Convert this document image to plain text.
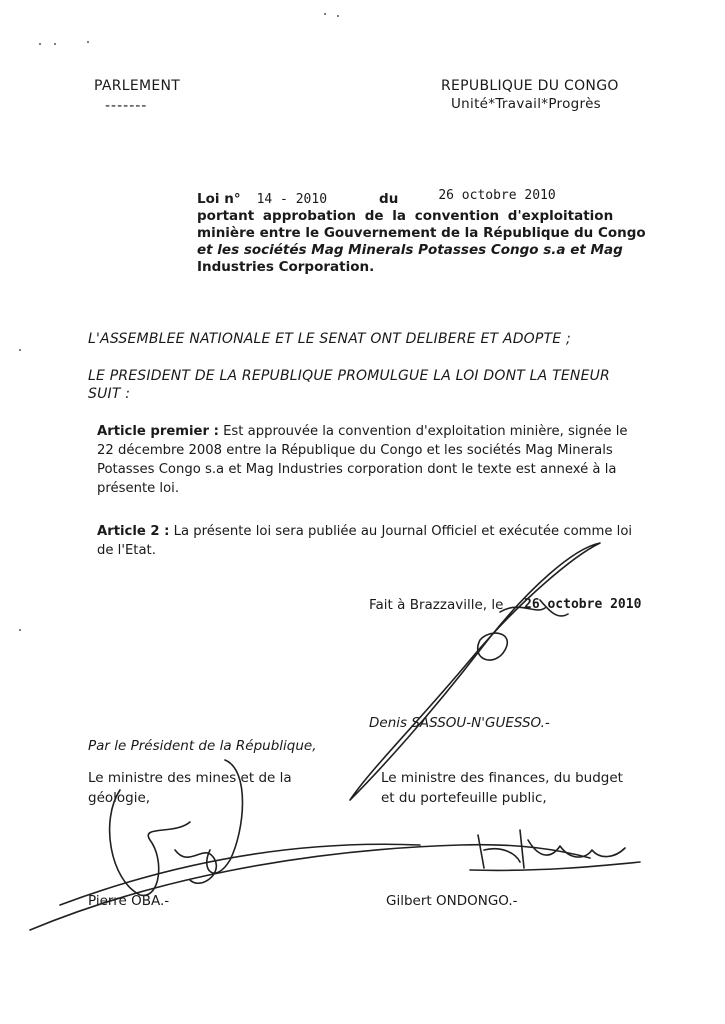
PARLEMENT
-------
REPUBLIQUE DU CONGO
Unité*Travail*Progrès
Loi n° 14 - 2010	du	26 octobre 2010
portant approbation de la convention d'exploitation
minière entre le Gouvernement de la République du Congo
et les sociétés Mag Minerals Potasses Congo s.a et Mag
Industries Corporation.
L'ASSEMBLEE NATIONALE ET LE SENAT ONT DELIBERE ET ADOPTE ;
LE PRESIDENT DE LA REPUBLIQUE PROMULGUE LA LOI DONT LA TENEUR
SUIT :
Article premier : Est approuvée la convention d'exploitation minière, signée le 22 décembre 2008 entre la République du Congo et les sociétés Mag Minerals Potasses Congo s.a et Mag Industries corporation dont le texte est annexé à la présente loi.
Article 2 : La présente loi sera publiée au Journal Officiel et exécutée comme loi de l'Etat.
Fait à Brazzaville, le 26 octobre 2010
Denis SASSOU-N'GUESSO.-
Par le Président de la République,
Le ministre des mines et de la
géologie,
Le ministre des finances, du budget
et du portefeuille public,
Pierre OBA.-	Gilbert ONDONGO.-
